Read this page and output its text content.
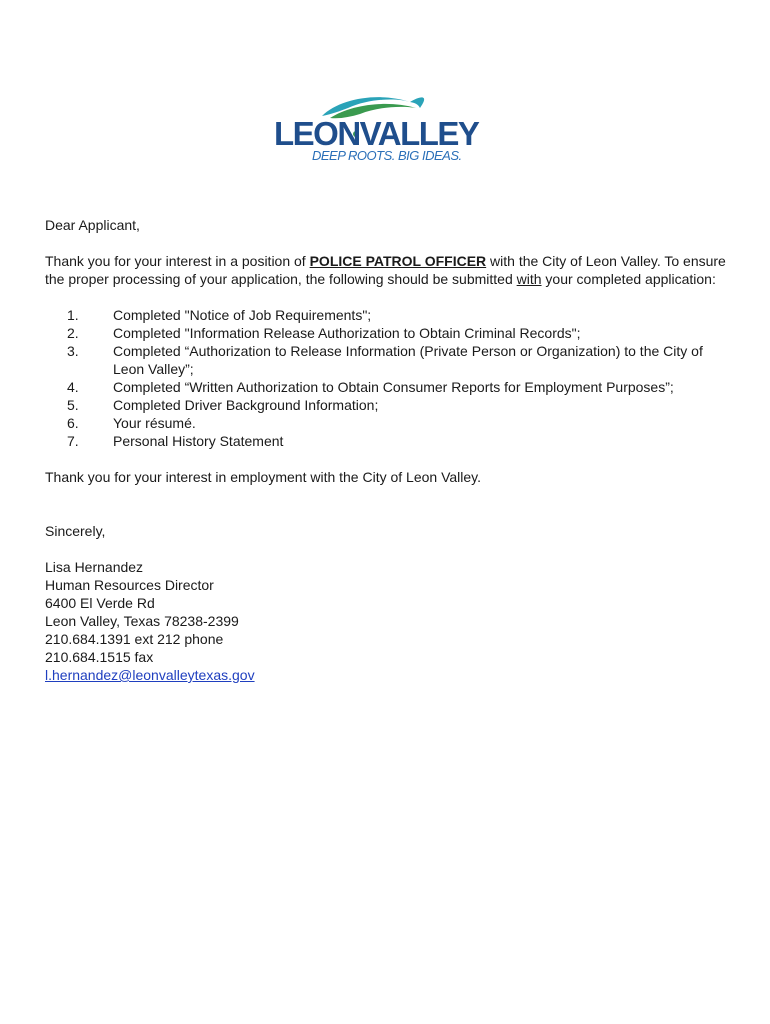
LEONVALLEY
DEEP ROOTS. BIG IDEAS.

Dear Applicant,

Thank you for your interest in a position of POLICE PATROL OFFICER with the City of Leon Valley. To ensure the proper processing of your application, the following should be submitted with your completed application:

1.	Completed "Notice of Job Requirements";
2.	Completed "Information Release Authorization to Obtain Criminal Records";
3.	Completed “Authorization to Release Information (Private Person or Organization) to the City of Leon Valley”;
4.	Completed “Written Authorization to Obtain Consumer Reports for Employment Purposes”;
5.	Completed Driver Background Information;
6.	Your résumé.
7.	Personal History Statement

Thank you for your interest in employment with the City of Leon Valley.

Sincerely,

Lisa Hernandez
Human Resources Director
6400 El Verde Rd
Leon Valley, Texas 78238-2399
210.684.1391 ext 212 phone
210.684.1515 fax
l.hernandez@leonvalleytexas.gov
